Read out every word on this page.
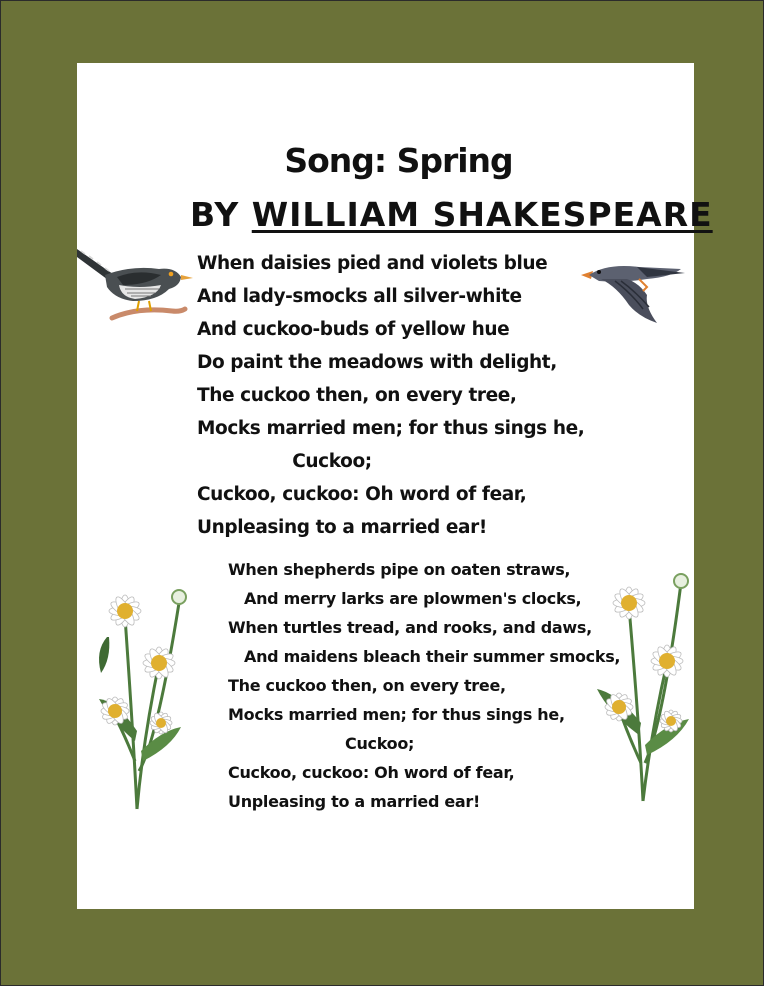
Song: Spring
BY WILLIAM SHAKESPEARE
When daisies pied and violets blue
And lady-smocks all silver-white
And cuckoo-buds of yellow hue
Do paint the meadows with delight,
The cuckoo then, on every tree,
Mocks married men; for thus sings he,
Cuckoo;
Cuckoo, cuckoo: Oh word of fear,
Unpleasing to a married ear!
When shepherds pipe on oaten straws,
And merry larks are plowmen's clocks,
When turtles tread, and rooks, and daws,
And maidens bleach their summer smocks,
The cuckoo then, on every tree,
Mocks married men; for thus sings he,
Cuckoo;
Cuckoo, cuckoo: Oh word of fear,
Unpleasing to a married ear!
